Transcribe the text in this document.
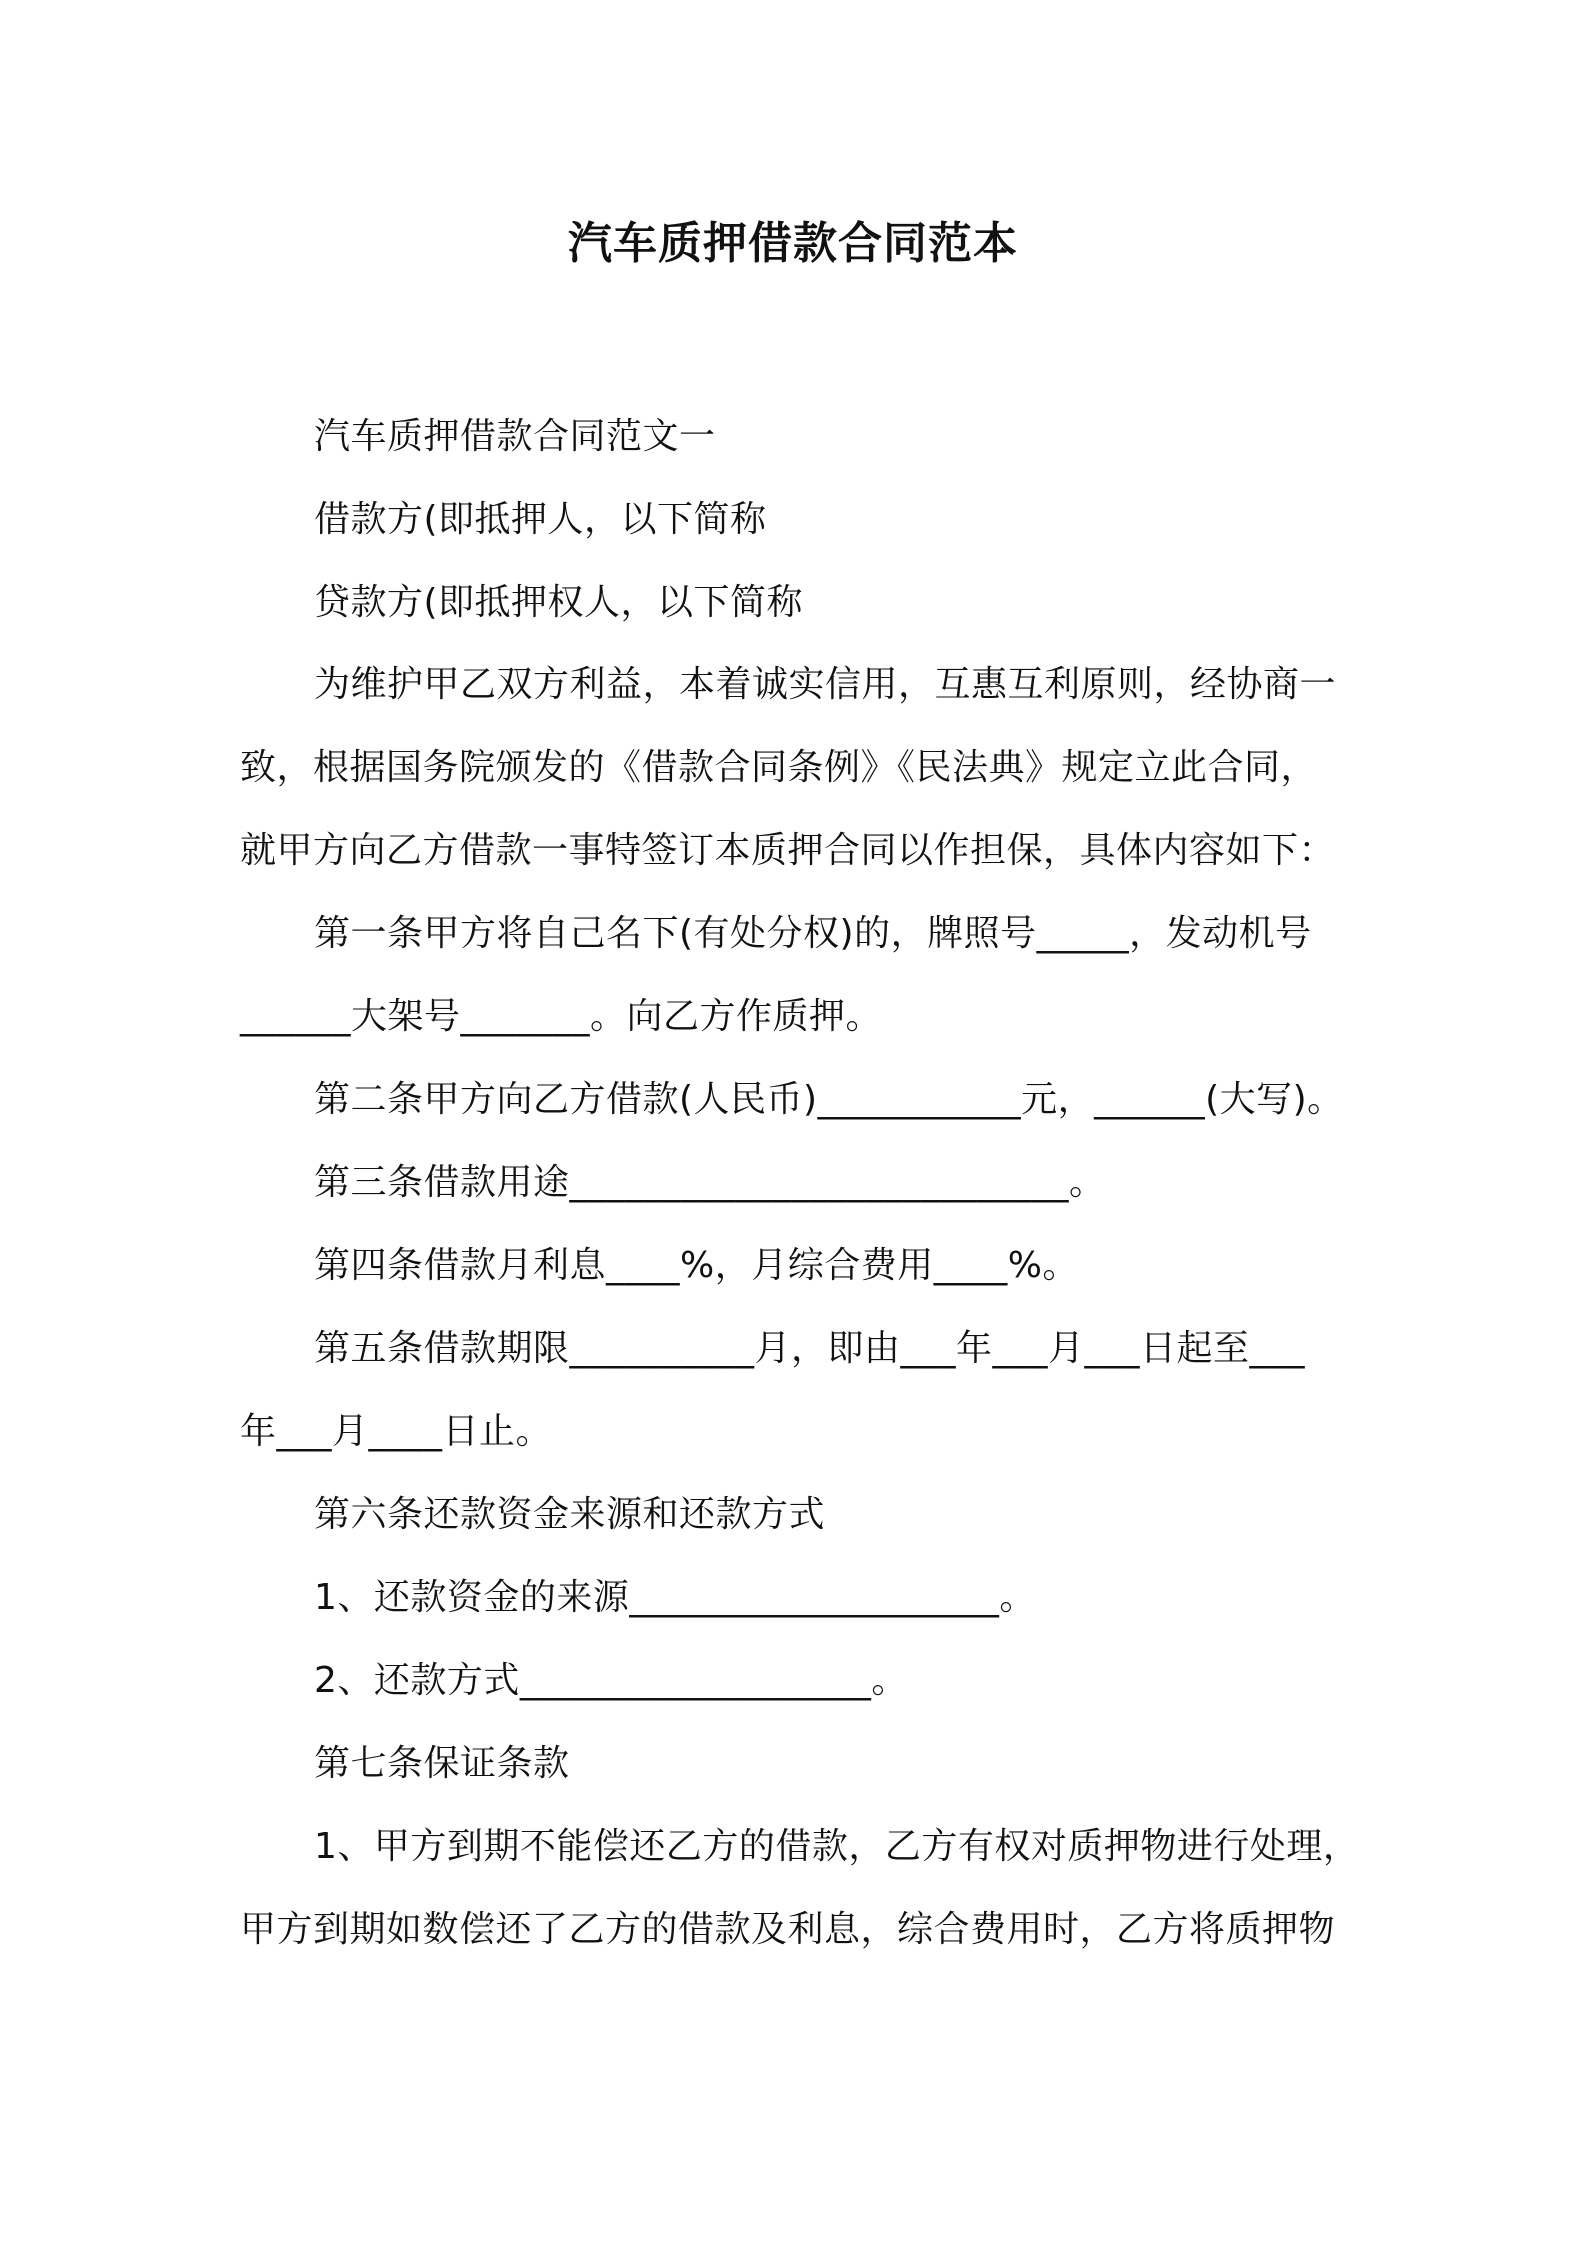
汽车质押借款合同范本
汽车质押借款合同范文一
借款方(即抵押人，以下简称
贷款方(即抵押权人，以下简称
为维护甲乙双方利益，本着诚实信用，互惠互利原则，经协商一
致，根据国务院颁发的《借款合同条例》《民法典》规定立此合同，
就甲方向乙方借款一事特签订本质押合同以作担保，具体内容如下：
第一条甲方将自己名下(有处分权)的，牌照号_____，发动机号
______大架号_______。向乙方作质押。
第二条甲方向乙方借款(人民币)___________元，______(大写)。
第三条借款用途___________________________。
第四条借款月利息____%，月综合费用____%。
第五条借款期限__________月，即由___年___月___日起至___
年___月____日止。
第六条还款资金来源和还款方式
1、还款资金的来源____________________。
2、还款方式___________________。
第七条保证条款
1、甲方到期不能偿还乙方的借款，乙方有权对质押物进行处理，
甲方到期如数偿还了乙方的借款及利息，综合费用时，乙方将质押物
